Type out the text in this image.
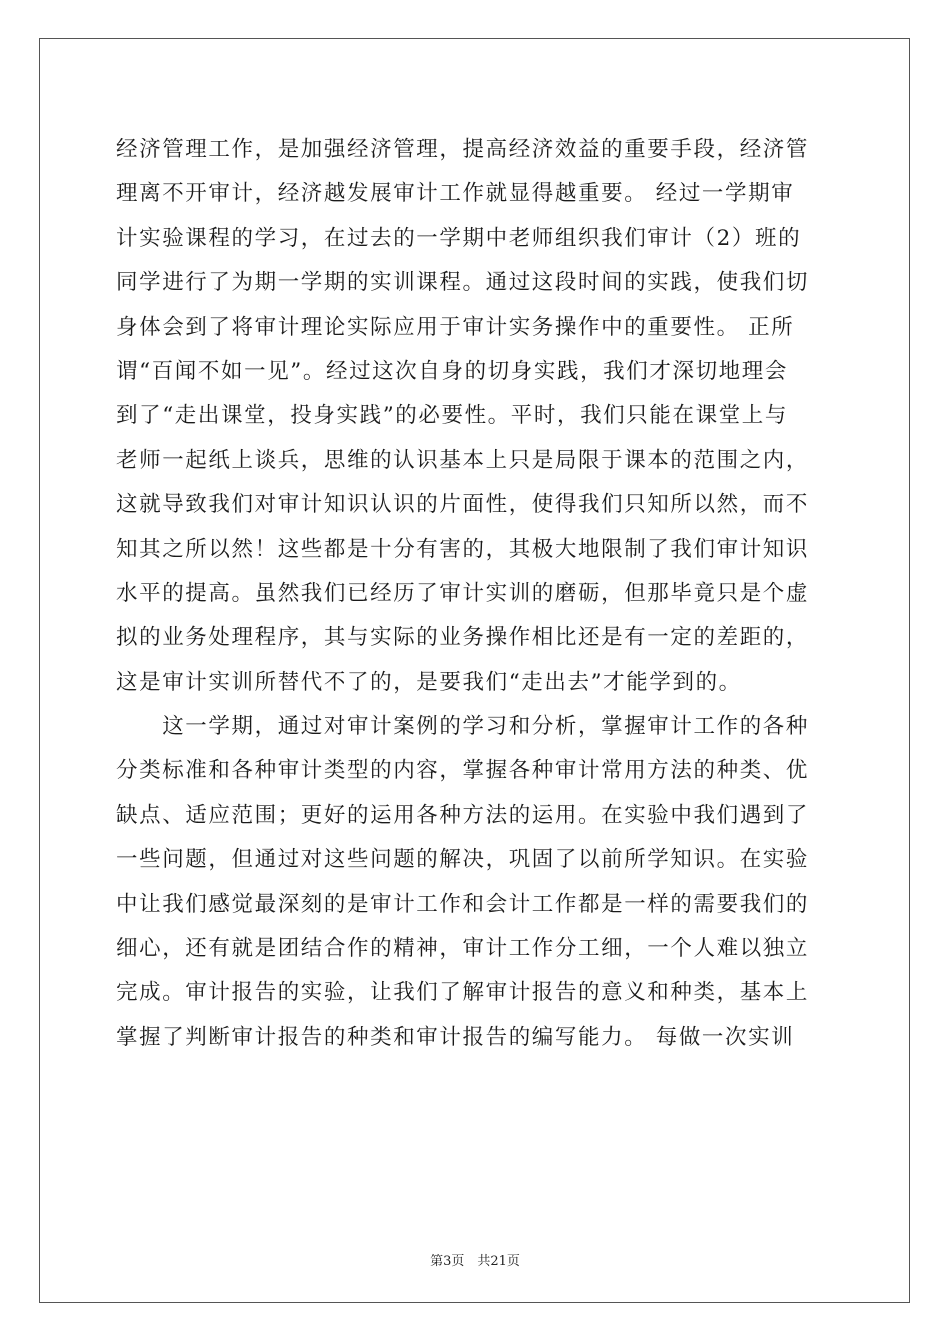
经济管理工作，是加强经济管理，提高经济效益的重要手段，经济管
理离不开审计，经济越发展审计工作就显得越重要。 经过一学期审
计实验课程的学习，在过去的一学期中老师组织我们审计（2）班的
同学进行了为期一学期的实训课程。通过这段时间的实践，使我们切
身体会到了将审计理论实际应用于审计实务操作中的重要性。 正所
谓“百闻不如一见”。经过这次自身的切身实践，我们才深切地理会
到了“走出课堂，投身实践”的必要性。平时，我们只能在课堂上与
老师一起纸上谈兵，思维的认识基本上只是局限于课本的范围之内，
这就导致我们对审计知识认识的片面性，使得我们只知所以然，而不
知其之所以然！这些都是十分有害的，其极大地限制了我们审计知识
水平的提高。虽然我们已经历了审计实训的磨砺，但那毕竟只是个虚
拟的业务处理程序，其与实际的业务操作相比还是有一定的差距的，
这是审计实训所替代不了的，是要我们“走出去”才能学到的。
　　这一学期，通过对审计案例的学习和分析，掌握审计工作的各种
分类标准和各种审计类型的内容，掌握各种审计常用方法的种类、优
缺点、适应范围；更好的运用各种方法的运用。在实验中我们遇到了
一些问题，但通过对这些问题的解决，巩固了以前所学知识。在实验
中让我们感觉最深刻的是审计工作和会计工作都是一样的需要我们的
细心，还有就是团结合作的精神，审计工作分工细，一个人难以独立
完成。审计报告的实验，让我们了解审计报告的意义和种类，基本上
掌握了判断审计报告的种类和审计报告的编写能力。 每做一次实训
第3页　共21页
